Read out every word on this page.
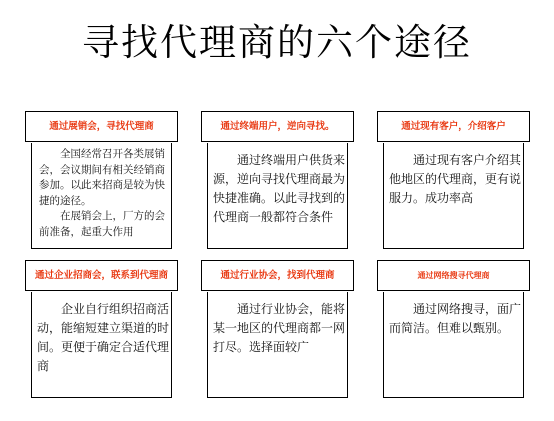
寻找代理商的六个途径
通过展销会，寻找代理商

全国经常召开各类展销会，会议期间有相关经销商参加。以此来招商是较为快捷的途径。

在展销会上，厂方的会前准备，起重大作用

通过终端用户，逆向寻找。

通过终端用户供货来源，逆向寻找代理商最为快捷准确。以此寻找到的代理商一般都符合条件

通过现有客户，介绍客户

通过现有客户介绍其他地区的代理商，更有说服力。成功率高

通过企业招商会，联系到代理商

企业自行组织招商活动，能缩短建立渠道的时间。更便于确定合适代理商

通过行业协会，找到代理商

通过行业协会，能将某一地区的代理商都一网打尽。选择面较广

通过网络搜寻代理商

通过网络搜寻，面广而简洁。但难以甄别。
